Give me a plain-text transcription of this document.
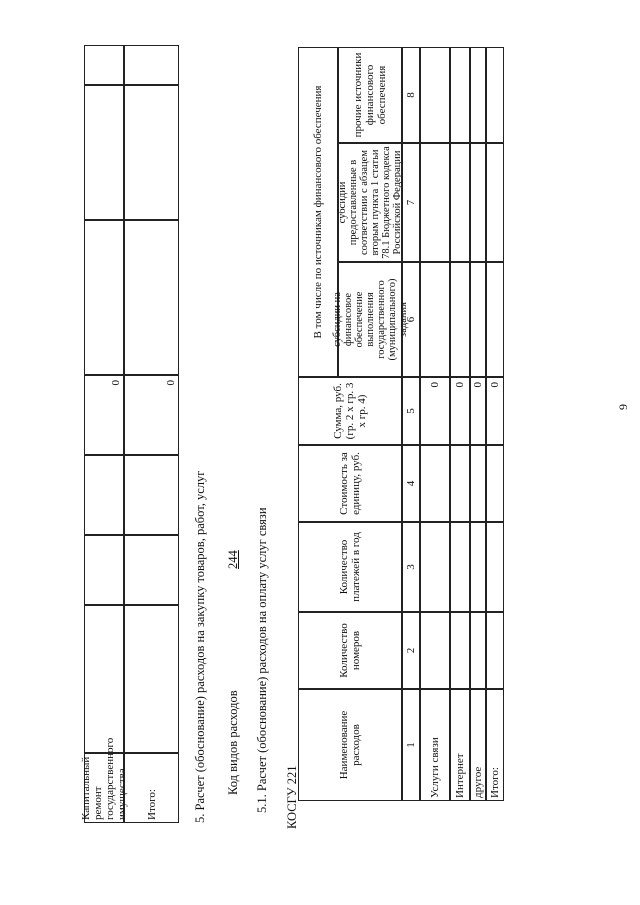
9
Капитальный ремонт государственного имущества
0
Итого:
0
5. Расчет (обоснование) расходов на закупку товаров, работ, услуг Код видов расходов
244 5.1. Расчет (обоснование) расходов на оплату услуг связи КОСГУ 221
Наименование расходов
Количество номеров
Количество платежей в год
Стоимость за единицу, руб.
Сумма, руб. (гр. 2 x гр. 3 x гр. 4)
В том числе по источникам финансового обеспечения субсидии на финансовое обеспечение выполнения государственного (муниципального) задания
субсидии предоставленные в соответствии с абзацем вторым пункта 1 статьи 78.1 Бюджетного кодекса Российской Федерации
прочие источники финансового обеспечения
1
2
3
4
5
6
7
8
Услуги связи
0
Интернет
0
другое
0
Итого:
0
